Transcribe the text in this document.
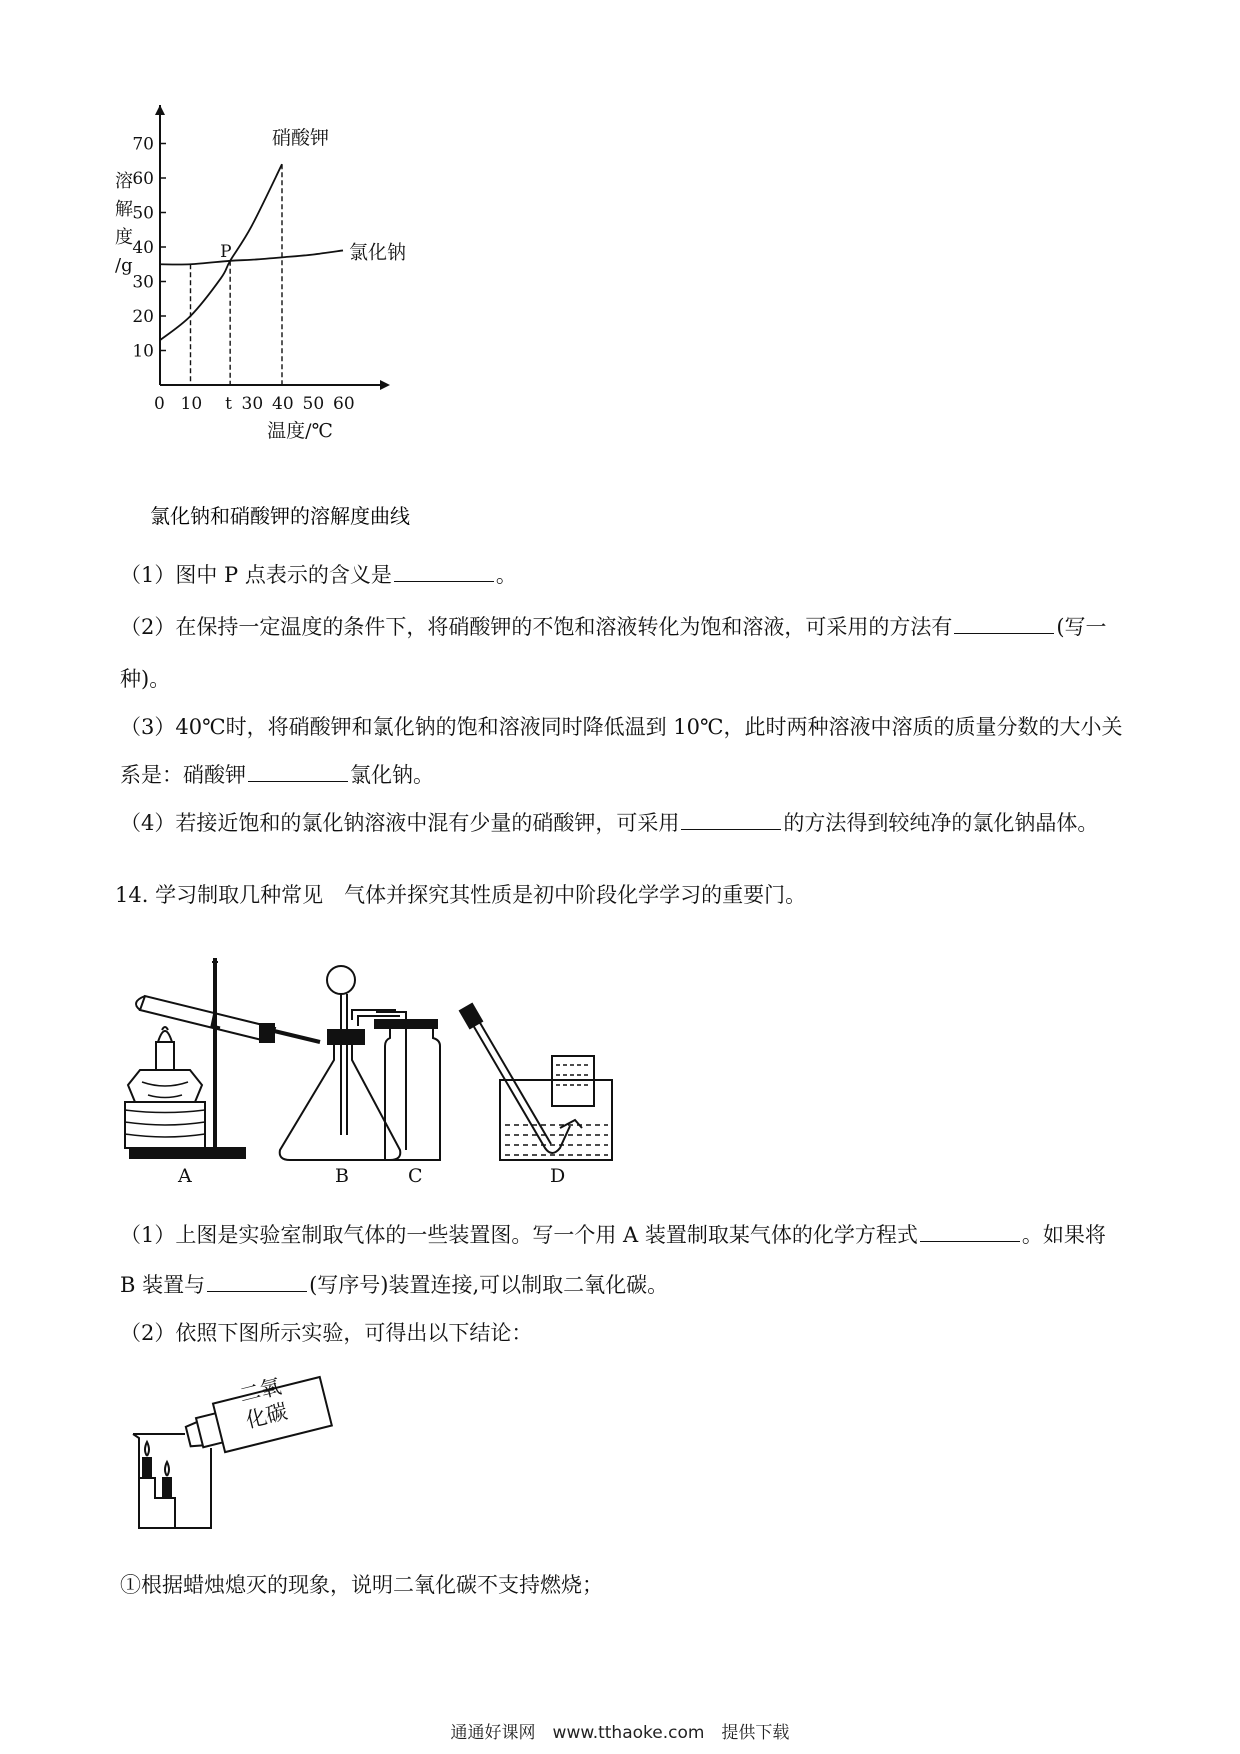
10
20
30
40
50
60
70
0 10 t 30 40 50 60
溶
解
度
/g
温度/℃
硝酸钾
氯化钠
P
氯化钠和硝酸钾的溶解度曲线
（1）图中 P 点表示的含义是	。
（2）在保持一定温度的条件下，将硝酸钾的不饱和溶液转化为饱和溶液，可采用的方法有	(写一
种)。
（3）40℃时，将硝酸钾和氯化钠的饱和溶液同时降低温到 10℃，此时两种溶液中溶质的质量分数的大小关
系是：硝酸钾	氯化钠。
（4）若接近饱和的氯化钠溶液中混有少量的硝酸钾，可采用	的方法得到较纯净的氯化钠晶体。
14. 学习制取几种常见　气体并探究其性质是初中阶段化学学习的重要门。
A	B	C	D
（1）上图是实验室制取气体的一些装置图。写一个用 A 装置制取某气体的化学方程式	。如果将
B 装置与	(写序号)装置连接,可以制取二氧化碳。
（2）依照下图所示实验，可得出以下结论：
二氧
化碳
①根据蜡烛熄灭的现象，说明二氧化碳不支持燃烧；
通通好课网　www.tthaoke.com　提供下载
